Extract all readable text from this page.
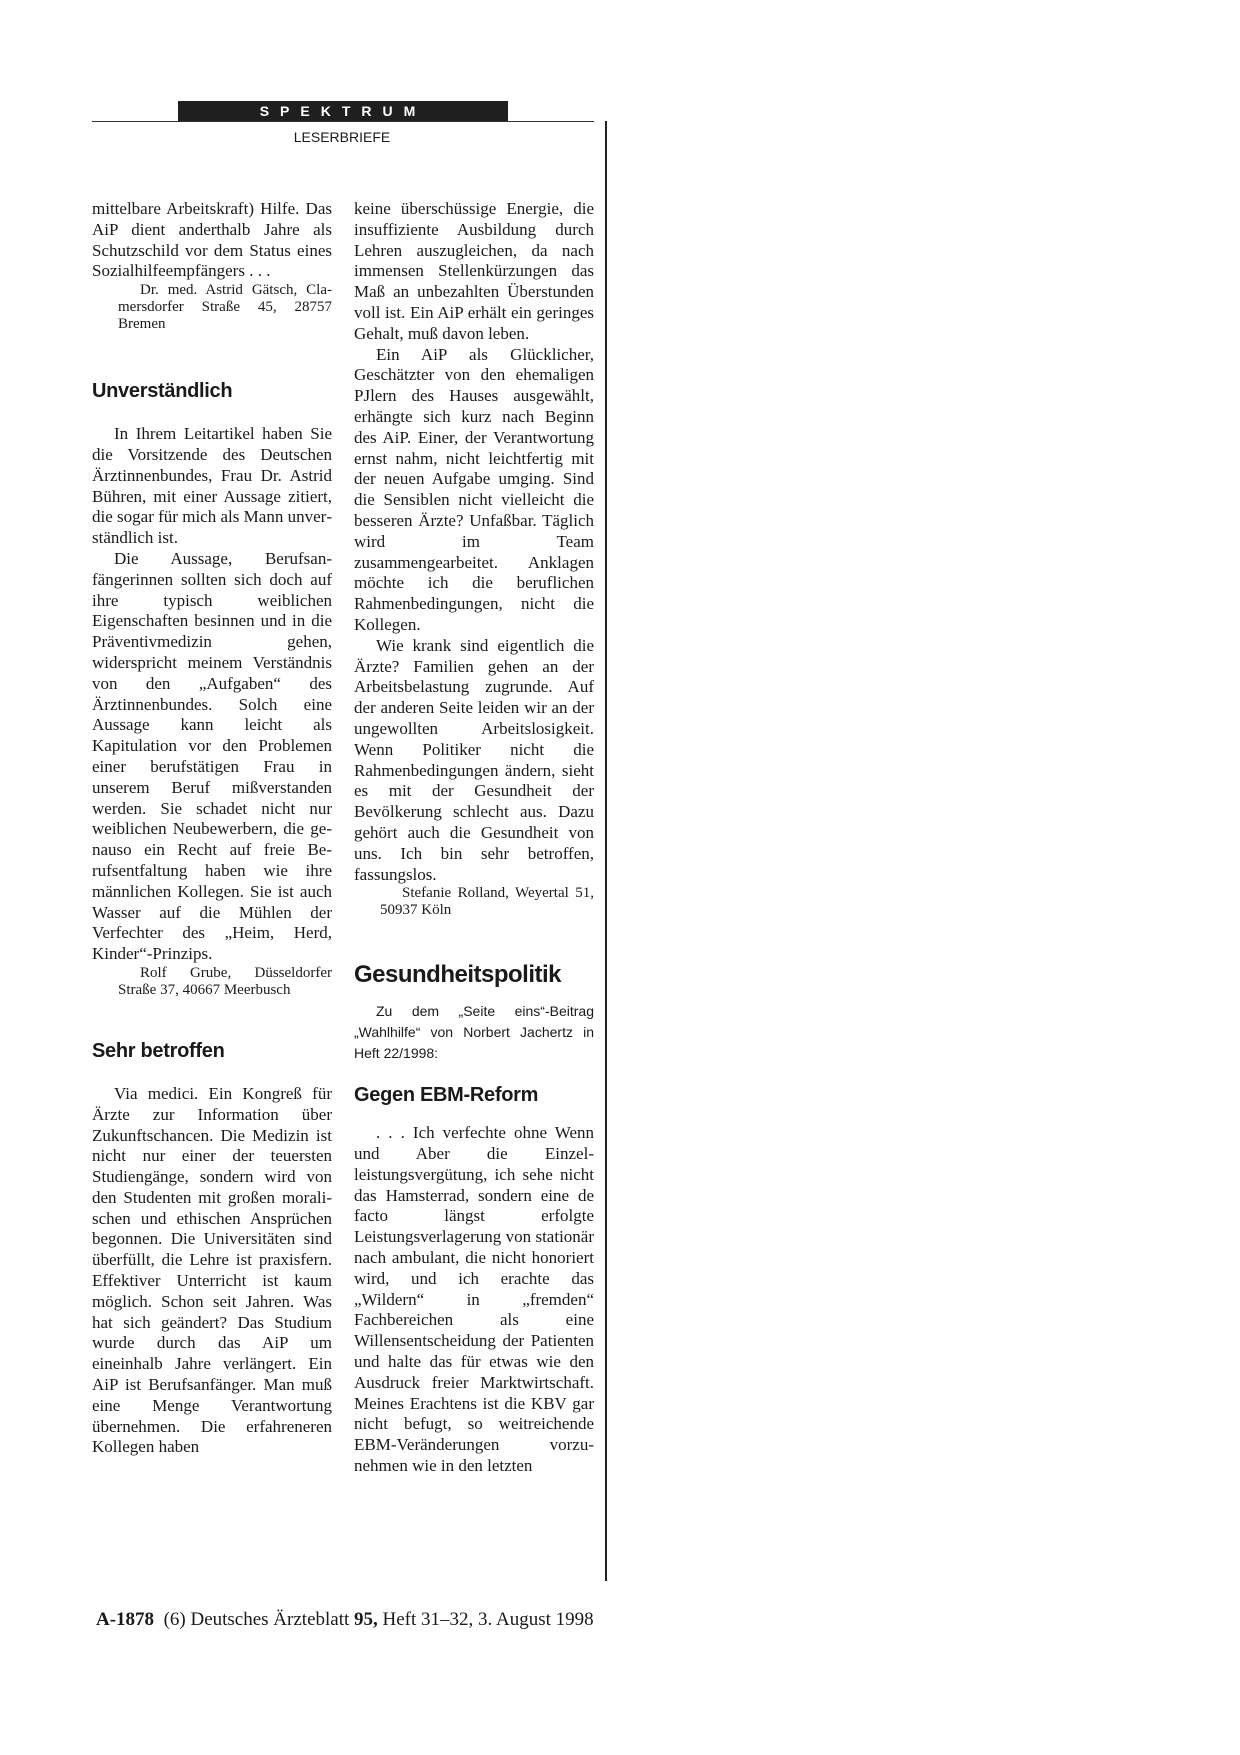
SPEKTRUM
LESERBRIEFE

mittelbare Arbeitskraft) Hilfe. Das AiP dient anderthalb Jahre als Schutzschild vor dem Status eines Sozialhilfeempfängers . . .

Dr. med. Astrid Gätsch, Clamersdorfer Straße 45, 28757 Bremen

Unverständlich

In Ihrem Leitartikel haben Sie die Vorsitzende des Deutschen Ärztinnenbundes, Frau Dr. Astrid Bühren, mit einer Aussage zitiert, die sogar für mich als Mann unverständlich ist.

Die Aussage, Berufsanfängerinnen sollten sich doch auf ihre typisch weiblichen Eigenschaften besinnen und in die Präventivmedizin gehen, widerspricht meinem Verständnis von den „Aufgaben“ des Ärztinnenbundes. Solch eine Aussage kann leicht als Kapitulation vor den Problemen einer berufstätigen Frau in unserem Beruf mißverstanden werden. Sie schadet nicht nur weiblichen Neubewerbern, die genauso ein Recht auf freie Berufsentfaltung haben wie ihre männlichen Kollegen. Sie ist auch Wasser auf die Mühlen der Verfechter des „Heim, Herd, Kinder“-Prinzips.

Rolf Grube, Düsseldorfer Straße 37, 40667 Meerbusch

Sehr betroffen

Via medici. Ein Kongreß für Ärzte zur Information über Zukunftschancen. Die Medizin ist nicht nur einer der teuersten Studiengänge, sondern wird von den Studenten mit großen moralischen und ethischen Ansprüchen begonnen. Die Universitäten sind überfüllt, die Lehre ist praxisfern. Effektiver Unterricht ist kaum möglich. Schon seit Jahren. Was hat sich geändert? Das Studium wurde durch das AiP um eineinhalb Jahre verlängert. Ein AiP ist Berufsanfänger. Man muß eine Menge Verantwortung übernehmen. Die erfahreneren Kollegen haben

keine überschüssige Energie, die insuffiziente Ausbildung durch Lehren auszugleichen, da nach immensen Stellenkürzungen das Maß an unbezahlten Überstunden voll ist. Ein AiP erhält ein geringes Gehalt, muß davon leben.

Ein AiP als Glücklicher, Geschätzter von den ehemaligen PJlern des Hauses ausgewählt, erhängte sich kurz nach Beginn des AiP. Einer, der Verantwortung ernst nahm, nicht leichtfertig mit der neuen Aufgabe umging. Sind die Sensiblen nicht vielleicht die besseren Ärzte? Unfaßbar. Täglich wird im Team zusammengearbeitet. Anklagen möchte ich die beruflichen Rahmenbedingungen, nicht die Kollegen.

Wie krank sind eigentlich die Ärzte? Familien gehen an der Arbeitsbelastung zugrunde. Auf der anderen Seite leiden wir an der ungewollten Arbeitslosigkeit. Wenn Politiker nicht die Rahmenbedingungen ändern, sieht es mit der Gesundheit der Bevölkerung schlecht aus. Dazu gehört auch die Gesundheit von uns. Ich bin sehr betroffen, fassungslos.

Stefanie Rolland, Weyertal 51, 50937 Köln

Gesundheitspolitik

Zu dem „Seite eins“-Beitrag „Wahlhilfe“ von Norbert Jachertz in Heft 22/1998:

Gegen EBM-Reform

. . . Ich verfechte ohne Wenn und Aber die Einzelleistungsvergütung, ich sehe nicht das Hamsterrad, sondern eine de facto längst erfolgte Leistungsverlagerung von stationär nach ambulant, die nicht honoriert wird, und ich erachte das „Wildern“ in „fremden“ Fachbereichen als eine Willensentscheidung der Patienten und halte das für etwas wie den Ausdruck freier Marktwirtschaft. Meines Erachtens ist die KBV gar nicht befugt, so weitreichende EBM-Veränderungen vorzunehmen wie in den letzten

A-1878 (6) Deutsches Ärzteblatt 95, Heft 31–32, 3. August 1998
